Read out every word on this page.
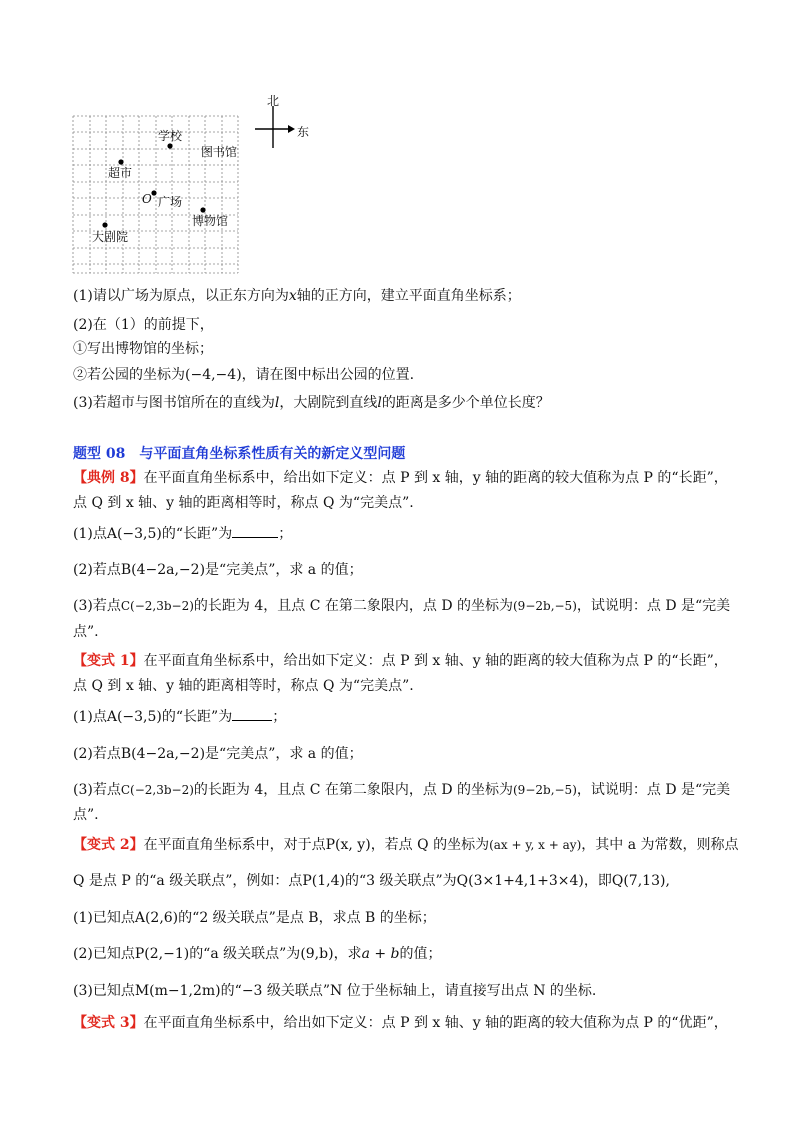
北
东
学校
图书馆
超市
O 广场
博物馆
大剧院
(1)请以广场为原点，以正东方向为x轴的正方向，建立平面直角坐标系；
(2)在（1）的前提下，
①写出博物馆的坐标；
②若公园的坐标为(−4,−4)，请在图中标出公园的位置.
(3)若超市与图书馆所在的直线为l，大剧院到直线l的距离是多少个单位长度？
题型 08　与平面直角坐标系性质有关的新定义型问题
【典例 8】在平面直角坐标系中，给出如下定义：点 P 到 x 轴，y 轴的距离的较大值称为点 P 的“长距”，
点 Q 到 x 轴、y 轴的距离相等时，称点 Q 为“完美点”.
(1)点A(−3,5)的“长距”为	；
(2)若点B(4−2a,−2)是“完美点”，求 a 的值；
(3)若点C(−2,3b−2)的长距为 4，且点 C 在第二象限内，点 D 的坐标为(9−2b,−5)，试说明：点 D 是“完美
点”.
【变式 1】在平面直角坐标系中，给出如下定义：点 P 到 x 轴、y 轴的距离的较大值称为点 P 的“长距”，
点 Q 到 x 轴、y 轴的距离相等时，称点 Q 为“完美点”.
(1)点A(−3,5)的“长距”为	；
(2)若点B(4−2a,−2)是“完美点”，求 a 的值；
(3)若点C(−2,3b−2)的长距为 4，且点 C 在第二象限内，点 D 的坐标为(9−2b,−5)，试说明：点 D 是“完美
点”.
【变式 2】在平面直角坐标系中，对于点P(x, y)，若点 Q 的坐标为(ax + y, x + ay)，其中 a 为常数，则称点
Q 是点 P 的“a 级关联点”，例如：点P(1,4)的“3 级关联点”为Q(3×1+4,1+3×4)，即Q(7,13),
(1)已知点A(2,6)的“2 级关联点”是点 B，求点 B 的坐标；
(2)已知点P(2,−1)的“a 级关联点”为(9,b)，求a + b的值；
(3)已知点M(m−1,2m)的“−3 级关联点”N 位于坐标轴上，请直接写出点 N 的坐标.
【变式 3】在平面直角坐标系中，给出如下定义：点 P 到 x 轴、y 轴的距离的较大值称为点 P 的“优距”，
